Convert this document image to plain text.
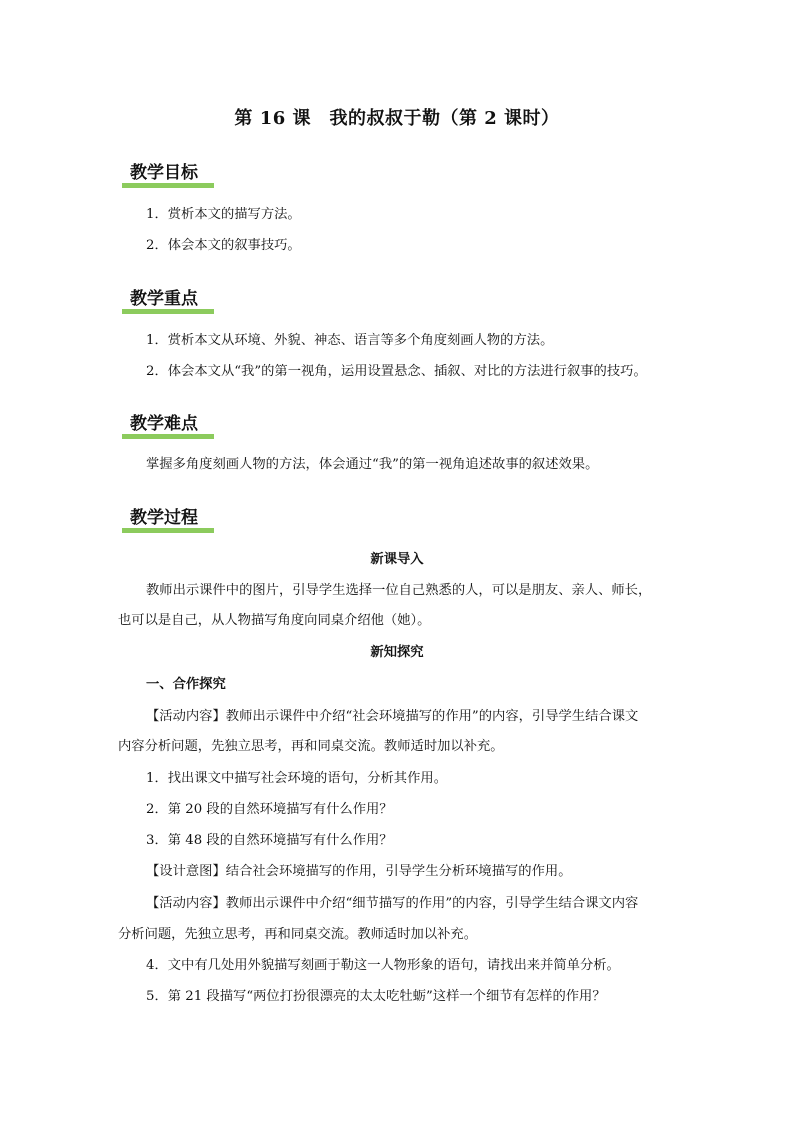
第 16 课　我的叔叔于勒（第 2 课时）
教学目标
1．赏析本文的描写方法。
2．体会本文的叙事技巧。
教学重点
1．赏析本文从环境、外貌、神态、语言等多个角度刻画人物的方法。
2．体会本文从“我”的第一视角，运用设置悬念、插叙、对比的方法进行叙事的技巧。
教学难点
掌握多角度刻画人物的方法，体会通过“我”的第一视角追述故事的叙述效果。
教学过程
新课导入
教师出示课件中的图片，引导学生选择一位自己熟悉的人，可以是朋友、亲人、师长，
也可以是自己，从人物描写角度向同桌介绍他（她）。
新知探究
一、合作探究
【活动内容】教师出示课件中介绍“社会环境描写的作用”的内容，引导学生结合课文
内容分析问题，先独立思考，再和同桌交流。教师适时加以补充。
1．找出课文中描写社会环境的语句，分析其作用。
2．第 20 段的自然环境描写有什么作用？
3．第 48 段的自然环境描写有什么作用？
【设计意图】结合社会环境描写的作用，引导学生分析环境描写的作用。
【活动内容】教师出示课件中介绍“细节描写的作用”的内容，引导学生结合课文内容
分析问题，先独立思考，再和同桌交流。教师适时加以补充。
4．文中有几处用外貌描写刻画于勒这一人物形象的语句，请找出来并简单分析。
5．第 21 段描写“两位打扮很漂亮的太太吃牡蛎”这样一个细节有怎样的作用？
